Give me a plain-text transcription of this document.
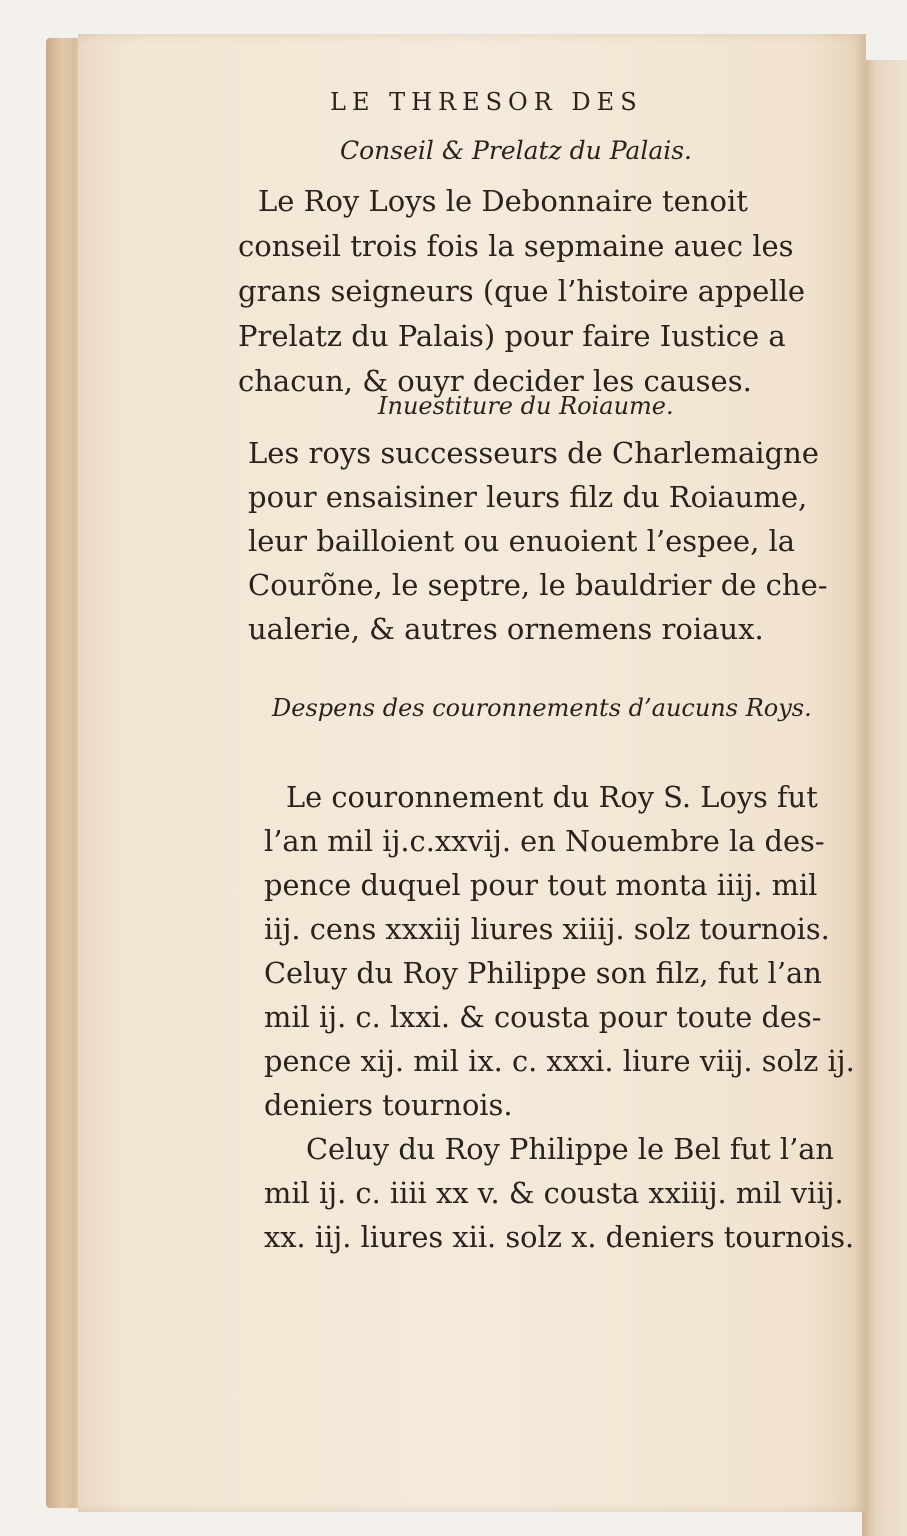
LE THRESOR DES

Conseil & Prelatz du Palais.

Le Roy Loys le Debonnaire tenoit
conseil trois fois la sepmaine auec les
grans seigneurs (que l’histoire appelle
Prelatz du Palais) pour faire Iustice a
chacun, & ouyr decider les causes.

Inuestiture du Roiaume.

Les roys successeurs de Charlemaigne
pour ensaisiner leurs filz du Roiaume,
leur bailloient ou enuoient l’espee, la
Courõne, le septre, le bauldrier de che-
ualerie, & autres ornemens roiaux.

Despens des couronnements d’aucuns Roys.

Le couronnement du Roy S. Loys fut
l’an mil ij.c.xxvij. en Nouembre la des-
pence duquel pour tout monta iiij. mil
iij. cens xxxiij liures xiiij. solz tournois.
Celuy du Roy Philippe son filz, fut l’an
mil ij. c. lxxi. & cousta pour toute des-
pence xij. mil ix. c. xxxi. liure viij. solz ij.
deniers tournois.
Celuy du Roy Philippe le Bel fut l’an
mil ij. c. iiii xx v. & cousta xxiiij. mil viij.
xx. iij. liures xii. solz x. deniers tournois.
